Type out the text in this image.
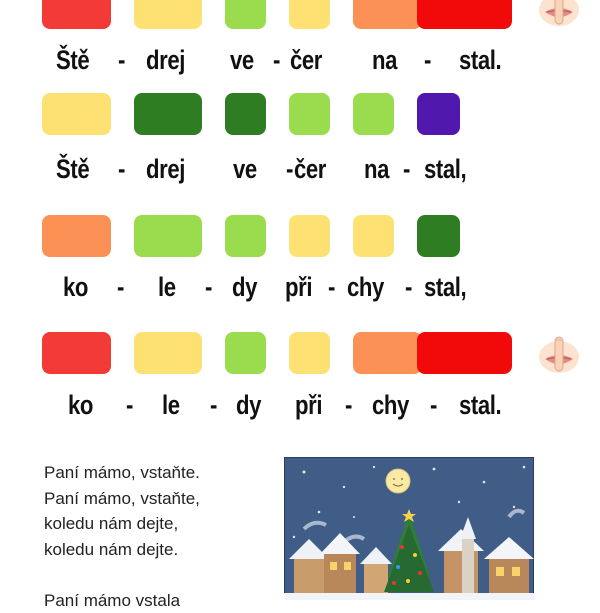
Ště - drej ve - čer na - stal.
Ště - drej ve - čer na - stal,
ko - le - dy při - chy - stal,
ko - le - dy při - chy - stal.
Paní mámo, vstaňte.
Paní mámo, vstaňte,
koledu nám dejte,
koledu nám dejte.
Paní mámo vstala
